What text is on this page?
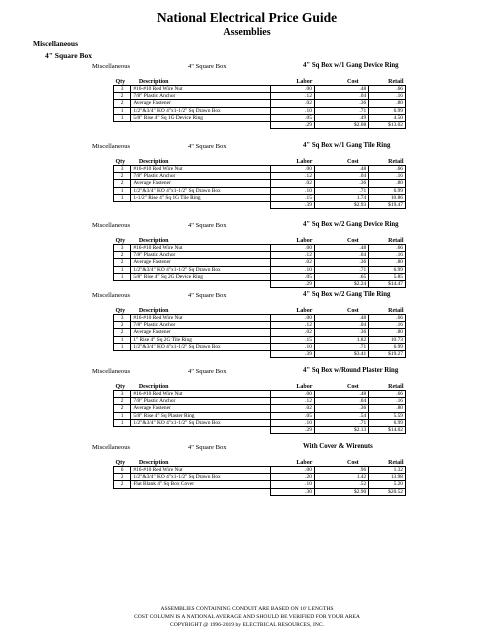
National Electrical Price Guide
Assemblies
Miscellaneous
4" Square Box
Miscellaneous	4" Square Box	4" Sq Box w/1 Gang Device Ring
Qty	Description	Labor	Cost	Retail
3	#16-#10 Red Wire Nut	.00	.48	.66
2	7/8" Plastic Anchor	.12	.04	.16
2	Average Fastener	.02	.36	.80
1	1/2"&3/4" KO 4"x1-1/2" Sq Drawn Box	.10	.71	6.99
1	5/8" Rise 4" Sq 1G Device Ring	.05	.49	4.50
		.29	$2.08	$13.02
Miscellaneous	4" Square Box	4" Sq Box w/1 Gang Tile Ring
Qty	Description	Labor	Cost	Retail
3	#16-#10 Red Wire Nut	.00	.48	.66
2	7/8" Plastic Anchor	.12	.04	.16
2	Average Fastener	.02	.36	.80
1	1/2"&3/4" KO 4"x1-1/2" Sq Drawn Box	.10	.71	6.99
1	1-1/2" Rise 4" Sq 1G Tile Ring	.15	1.74	10.86
		.39	$2.93	$19.47
Miscellaneous	4" Square Box	4" Sq Box w/2 Gang Device Ring
Qty	Description	Labor	Cost	Retail
3	#16-#10 Red Wire Nut	.00	.48	.66
2	7/8" Plastic Anchor	.12	.04	.16
2	Average Fastener	.02	.36	.80
1	1/2"&3/4" KO 4"x1-1/2" Sq Drawn Box	.10	.71	6.99
1	5/8" Rise 4" Sq 2G Device Ring	.05	.65	5.85
		.29	$2.24	$14.47
Miscellaneous	4" Square Box	4" Sq Box w/2 Gang Tile Ring
Qty	Description	Labor	Cost	Retail
3	#16-#10 Red Wire Nut	.00	.48	.66
2	7/8" Plastic Anchor	.12	.04	.16
2	Average Fastener	.02	.36	.80
1	1" Rise 4" Sq 2G Tile Ring	.15	1.82	10.73
1	1/2"&3/4" KO 4"x1-1/2" Sq Drawn Box	.10	.71	6.99
		.39	$3.41	$19.27
Miscellaneous	4" Square Box	4" Sq Box w/Round Plaster Ring
Qty	Description	Labor	Cost	Retail
3	#16-#10 Red Wire Nut	.00	.48	.66
2	7/8" Plastic Anchor	.12	.04	.16
2	Average Fastener	.02	.36	.80
1	5/8" Rise 4" Sq Plaster Ring	.05	.54	5.59
1	1/2"&3/4" KO 4"x1-1/2" Sq Drawn Box	.10	.71	6.99
		.29	$2.13	$14.02
Miscellaneous	4" Square Box	With Cover & Wirenuts
Qty	Description	Labor	Cost	Retail
6	#16-#10 Red Wire Nut	.00	.96	1.32
2	1/2"&3/4" KO 4"x1-1/2" Sq Drawn Box	.20	1.42	13.98
2	Flat Blank 4" Sq Box Cover	.10	.52	5.20
		.30	$2.90	$20.52
ASSEMBLIES CONTAINING CONDUIT ARE BASED ON 10' LENGTHS
COST COLUMN IS A NATIONAL AVERAGE AND SHOULD BE VERIFIED FOR YOUR AREA
COPYRIGHT @ 1996-2019 by ELECTRICAL RESOURCES, INC.
